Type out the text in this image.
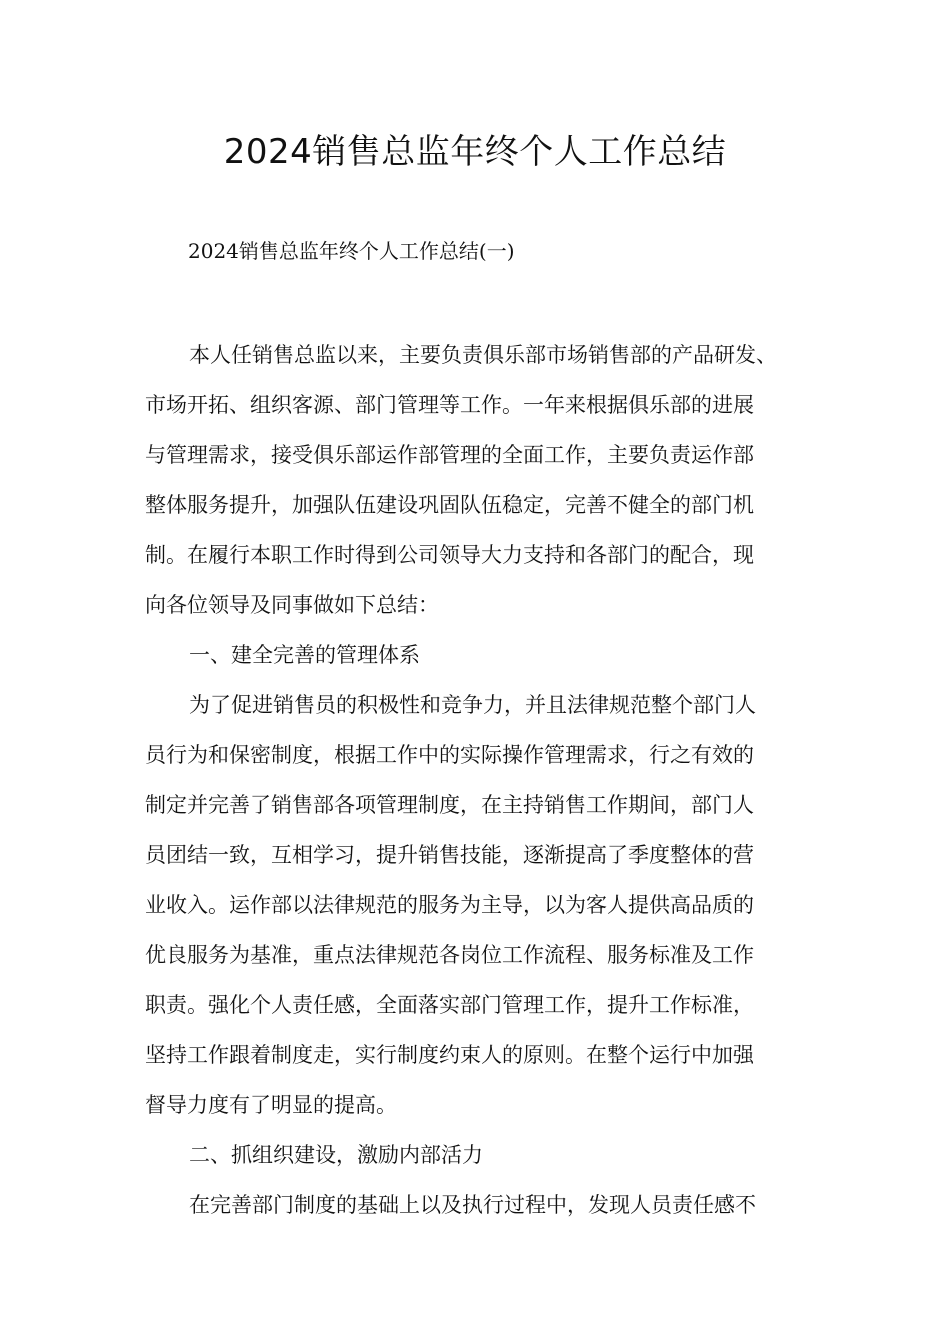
2024销售总监年终个人工作总结
2024销售总监年终个人工作总结(一)
本人任销售总监以来，主要负责俱乐部市场销售部的产品研发、
市场开拓、组织客源、部门管理等工作。一年来根据俱乐部的进展
与管理需求，接受俱乐部运作部管理的全面工作，主要负责运作部
整体服务提升，加强队伍建设巩固队伍稳定，完善不健全的部门机
制。在履行本职工作时得到公司领导大力支持和各部门的配合，现
向各位领导及同事做如下总结：
一、建全完善的管理体系
为了促进销售员的积极性和竞争力，并且法律规范整个部门人
员行为和保密制度，根据工作中的实际操作管理需求，行之有效的
制定并完善了销售部各项管理制度，在主持销售工作期间，部门人
员团结一致，互相学习，提升销售技能，逐渐提高了季度整体的营
业收入。运作部以法律规范的服务为主导，以为客人提供高品质的
优良服务为基准，重点法律规范各岗位工作流程、服务标准及工作
职责。强化个人责任感，全面落实部门管理工作，提升工作标准，
坚持工作跟着制度走，实行制度约束人的原则。在整个运行中加强
督导力度有了明显的提高。
二、抓组织建设，激励内部活力
在完善部门制度的基础上以及执行过程中，发现人员责任感不
